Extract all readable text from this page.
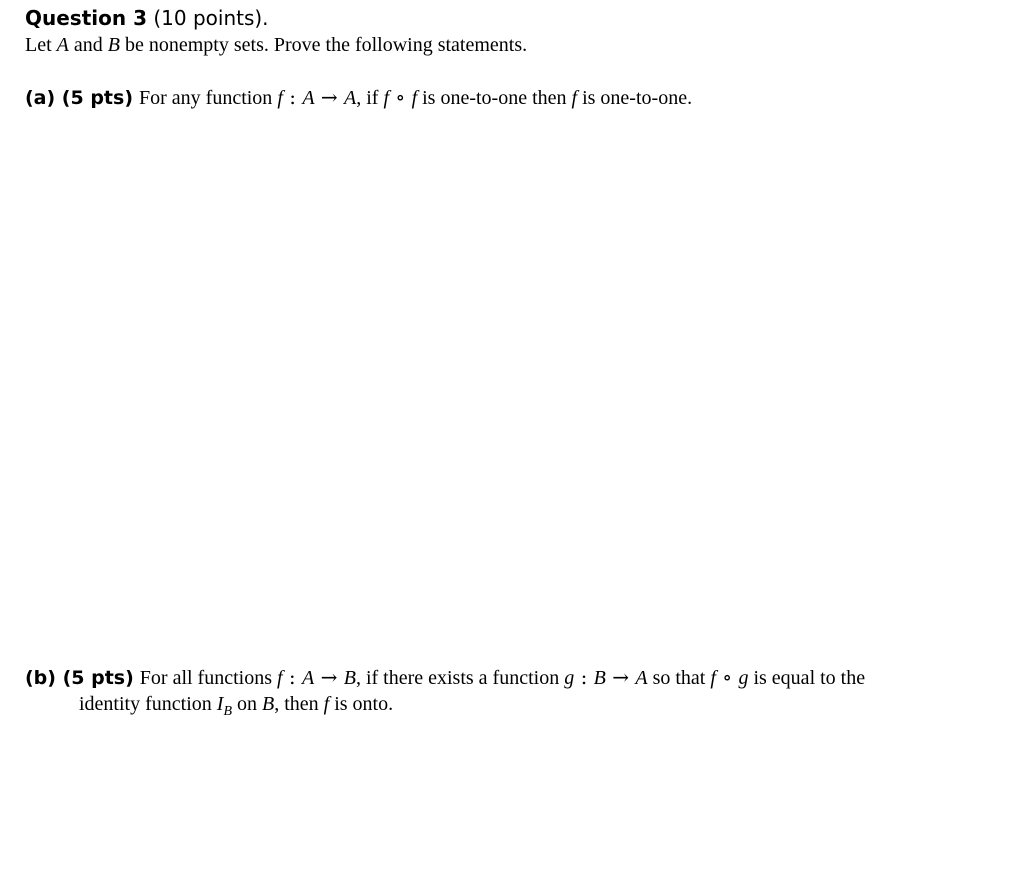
Question 3 (10 points).
Let A and B be nonempty sets. Prove the following statements.
(a) (5 pts) For any function f : A → A, if f ∘ f is one-to-one then f is one-to-one.
(b) (5 pts) For all functions f : A → B, if there exists a function g : B → A so that f ∘ g is equal to the
identity function $I_B$ on B, then f is onto.
